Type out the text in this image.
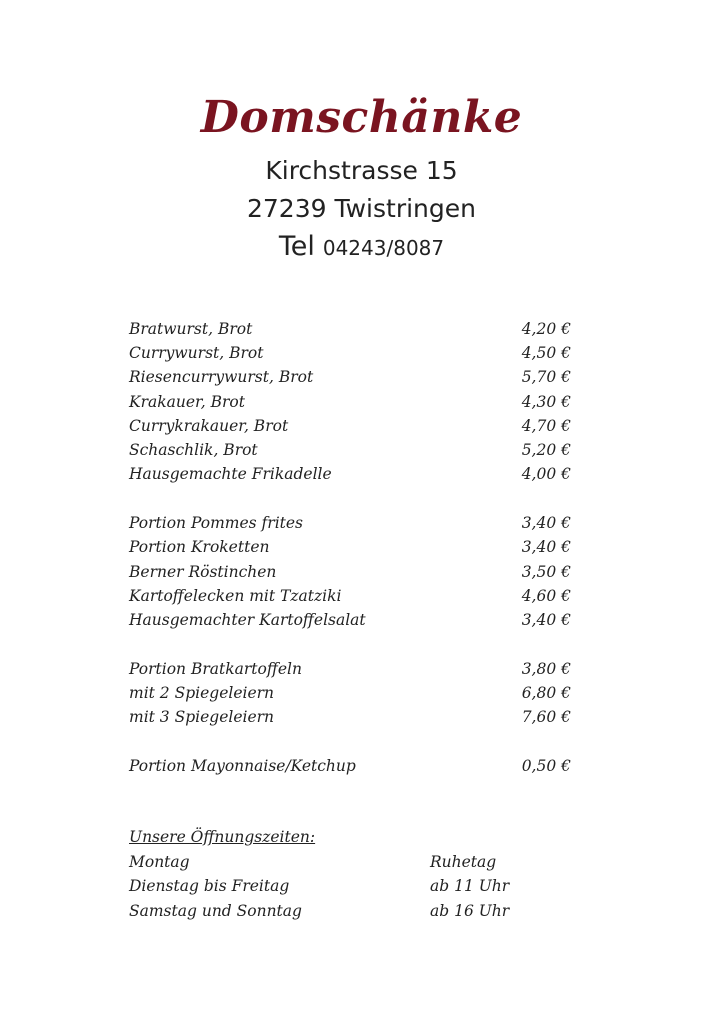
Domschänke
Kirchstrasse 15
27239 Twistringen
Tel 04243/8087
Bratwurst, Brot	4,20 €
Currywurst, Brot	4,50 €
Riesencurrywurst, Brot	5,70 €
Krakauer, Brot	4,30 €
Currykrakauer, Brot	4,70 €
Schaschlik, Brot	5,20 €
Hausgemachte Frikadelle	4,00 €
Portion Pommes frites	3,40 €
Portion Kroketten	3,40 €
Berner Röstinchen	3,50 €
Kartoffelecken mit Tzatziki	4,60 €
Hausgemachter Kartoffelsalat	3,40 €
Portion Bratkartoffeln	3,80 €
mit 2 Spiegeleiern	6,80 €
mit 3 Spiegeleiern	7,60 €
Portion Mayonnaise/Ketchup	0,50 €
Unsere Öffnungszeiten:
Montag	Ruhetag
Dienstag bis Freitag	ab 11 Uhr
Samstag und Sonntag	ab 16 Uhr
